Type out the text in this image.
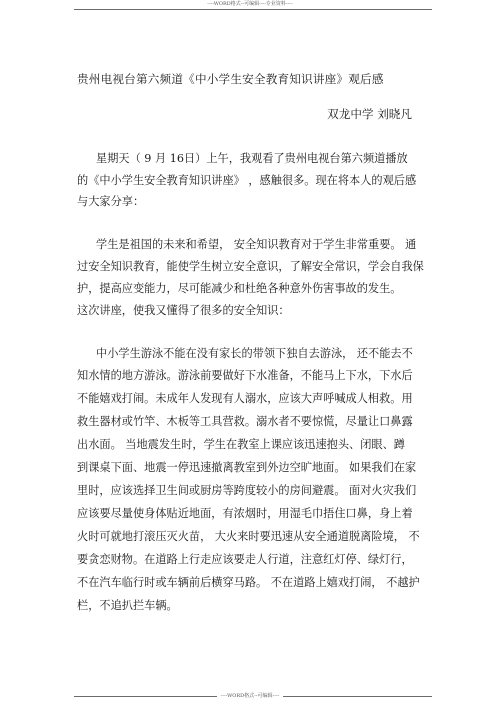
----WORD格式--可编辑----专业资料----
贵州电视台第六频道《中小学生安全教育知识讲座》观后感
双龙中学 刘晓凡
星期天（ 9 月 16日）上午，我观看了贵州电视台第六频道播放
的《中小学生安全教育知识讲座》 ，感触很多。现在将本人的观后感
与大家分享：
学生是祖国的未来和希望， 安全知识教育对于学生非常重要。 通
过安全知识教育，能使学生树立安全意识，了解安全常识，学会自我保
护，提高应变能力，尽可能减少和杜绝各种意外伤害事故的发生。
这次讲座，使我又懂得了很多的安全知识：
中小学生游泳不能在没有家长的带领下独自去游泳， 还不能去不
知水情的地方游泳。游泳前要做好下水准备，不能马上下水，下水后
不能嬉戏打闹。未成年人发现有人溺水，应该大声呼喊成人相救。用
救生器材或竹竿、木板等工具营救。溺水者不要惊慌，尽量让口鼻露
出水面。 当地震发生时，学生在教室上课应该迅速抱头、闭眼、蹲
到课桌下面、地震一停迅速撤离教室到外边空旷地面。 如果我们在家
里时，应该选择卫生间或厨房等跨度较小的房间避震。 面对火灾我们
应该要尽量使身体贴近地面，有浓烟时，用湿毛巾捂住口鼻，身上着
火时可就地打滚压灭火苗， 大火来时要迅速从安全通道脱离险境， 不
要贪恋财物。在道路上行走应该要走人行道，注意红灯停、绿灯行，
不在汽车临行时或车辆前后横穿马路。 不在道路上嬉戏打闹， 不越护
栏，不追扒拦车辆。
----WORD格式--可编辑----
